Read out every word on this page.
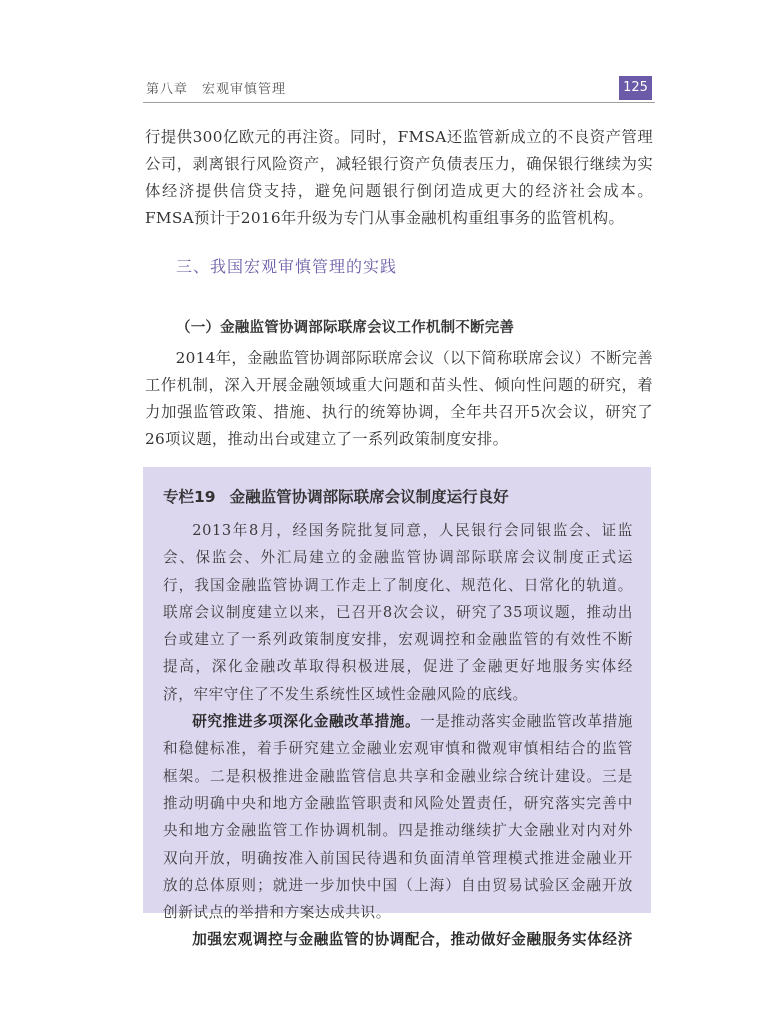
第八章 宏观审慎管理	125
行提供300亿欧元的再注资。同时，FMSA还监管新成立的不良资产管理公司，剥离银行风险资产，减轻银行资产负债表压力，确保银行继续为实体经济提供信贷支持，避免问题银行倒闭造成更大的经济社会成本。FMSA预计于2016年升级为专门从事金融机构重组事务的监管机构。
三、我国宏观审慎管理的实践
（一）金融监管协调部际联席会议工作机制不断完善
2014年，金融监管协调部际联席会议（以下简称联席会议）不断完善工作机制，深入开展金融领域重大问题和苗头性、倾向性问题的研究，着力加强监管政策、措施、执行的统筹协调，全年共召开5次会议，研究了26项议题，推动出台或建立了一系列政策制度安排。
专栏19 金融监管协调部际联席会议制度运行良好

2013年8月，经国务院批复同意，人民银行会同银监会、证监会、保监会、外汇局建立的金融监管协调部际联席会议制度正式运行，我国金融监管协调工作走上了制度化、规范化、日常化的轨道。联席会议制度建立以来，已召开8次会议，研究了35项议题，推动出台或建立了一系列政策制度安排，宏观调控和金融监管的有效性不断提高，深化金融改革取得积极进展，促进了金融更好地服务实体经济，牢牢守住了不发生系统性区域性金融风险的底线。

研究推进多项深化金融改革措施。一是推动落实金融监管改革措施和稳健标准，着手研究建立金融业宏观审慎和微观审慎相结合的监管框架。二是积极推进金融监管信息共享和金融业综合统计建设。三是推动明确中央和地方金融监管职责和风险处置责任，研究落实完善中央和地方金融监管工作协调机制。四是推动继续扩大金融业对内对外双向开放，明确按准入前国民待遇和负面清单管理模式推进金融业开放的总体原则；就进一步加快中国（上海）自由贸易试验区金融开放创新试点的举措和方案达成共识。

加强宏观调控与金融监管的协调配合，推动做好金融服务实体经济
